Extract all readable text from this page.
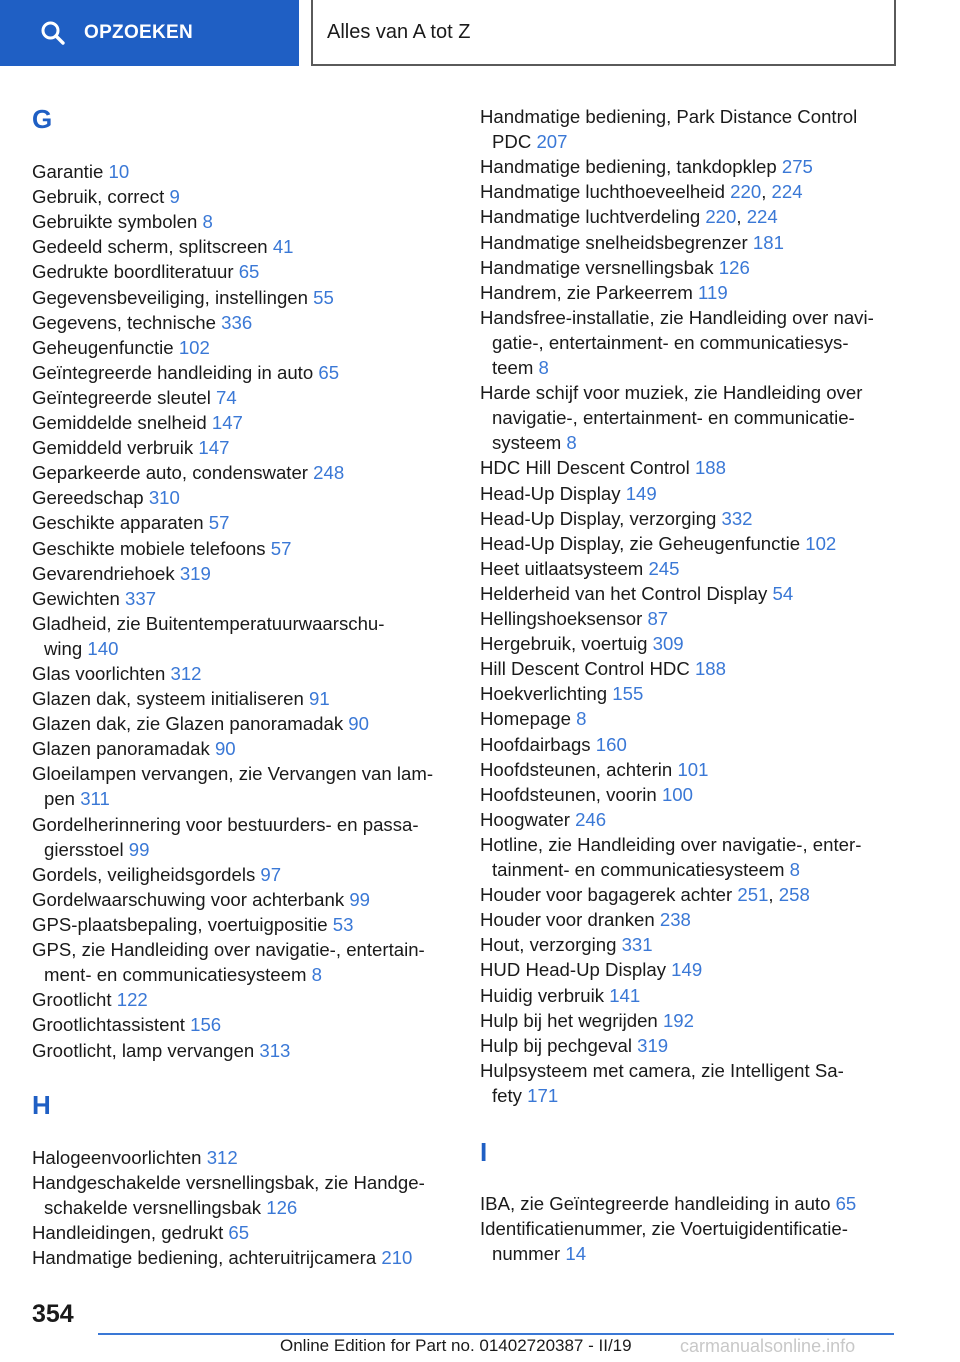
OPZOEKEN	Alles van A tot Z
G
H
Garantie 10
Gebruik, correct 9
Gebruikte symbolen 8
Gedeeld scherm, splitscreen 41
Gedrukte boordliteratuur 65
Gegevensbeveiliging, instellingen 55
Gegevens, technische 336
Geheugenfunctie 102
Geïntegreerde handleiding in auto 65
Geïntegreerde sleutel 74
Gemiddelde snelheid 147
Gemiddeld verbruik 147
Geparkeerde auto, condenswater 248
Gereedschap 310
Geschikte apparaten 57
Geschikte mobiele telefoons 57
Gevarendriehoek 319
Gewichten 337
Gladheid, zie Buitentemperatuurwaarschu-
wing 140
Glas voorlichten 312
Glazen dak, systeem initialiseren 91
Glazen dak, zie Glazen panoramadak 90
Glazen panoramadak 90
Gloeilampen vervangen, zie Vervangen van lam-
pen 311
Gordelherinnering voor bestuurders- en passa-
giersstoel 99
Gordels, veiligheidsgordels 97
Gordelwaarschuwing voor achterbank 99
GPS-plaatsbepaling, voertuigpositie 53
GPS, zie Handleiding over navigatie-, entertain-
ment- en communicatiesysteem 8
Grootlicht 122
Grootlichtassistent 156
Grootlicht, lamp vervangen 313
Halogeenvoorlichten 312
Handgeschakelde versnellingsbak, zie Handge-
schakelde versnellingsbak 126
Handleidingen, gedrukt 65
Handmatige bediening, achteruitrijcamera 210
I
Handmatige bediening, Park Distance Control
PDC 207
Handmatige bediening, tankdopklep 275
Handmatige luchthoeveelheid 220, 224
Handmatige luchtverdeling 220, 224
Handmatige snelheidsbegrenzer 181
Handmatige versnellingsbak 126
Handrem, zie Parkeerrem 119
Handsfree-installatie, zie Handleiding over navi-
gatie-, entertainment- en communicatiesys-
teem 8
Harde schijf voor muziek, zie Handleiding over
navigatie-, entertainment- en communicatie-
systeem 8
HDC Hill Descent Control 188
Head-Up Display 149
Head-Up Display, verzorging 332
Head-Up Display, zie Geheugenfunctie 102
Heet uitlaatsysteem 245
Helderheid van het Control Display 54
Hellingshoeksensor 87
Hergebruik, voertuig 309
Hill Descent Control HDC 188
Hoekverlichting 155
Homepage 8
Hoofdairbags 160
Hoofdsteunen, achterin 101
Hoofdsteunen, voorin 100
Hoogwater 246
Hotline, zie Handleiding over navigatie-, enter-
tainment- en communicatiesysteem 8
Houder voor bagagerek achter 251, 258
Houder voor dranken 238
Hout, verzorging 331
HUD Head-Up Display 149
Huidig verbruik 141
Hulp bij het wegrijden 192
Hulp bij pechgeval 319
Hulpsysteem met camera, zie Intelligent Sa-
fety 171
IBA, zie Geïntegreerde handleiding in auto 65
Identificatienummer, zie Voertuigidentificatie-
nummer 14
354
Online Edition for Part no. 01402720387 - II/19	carmanualsonline.info
